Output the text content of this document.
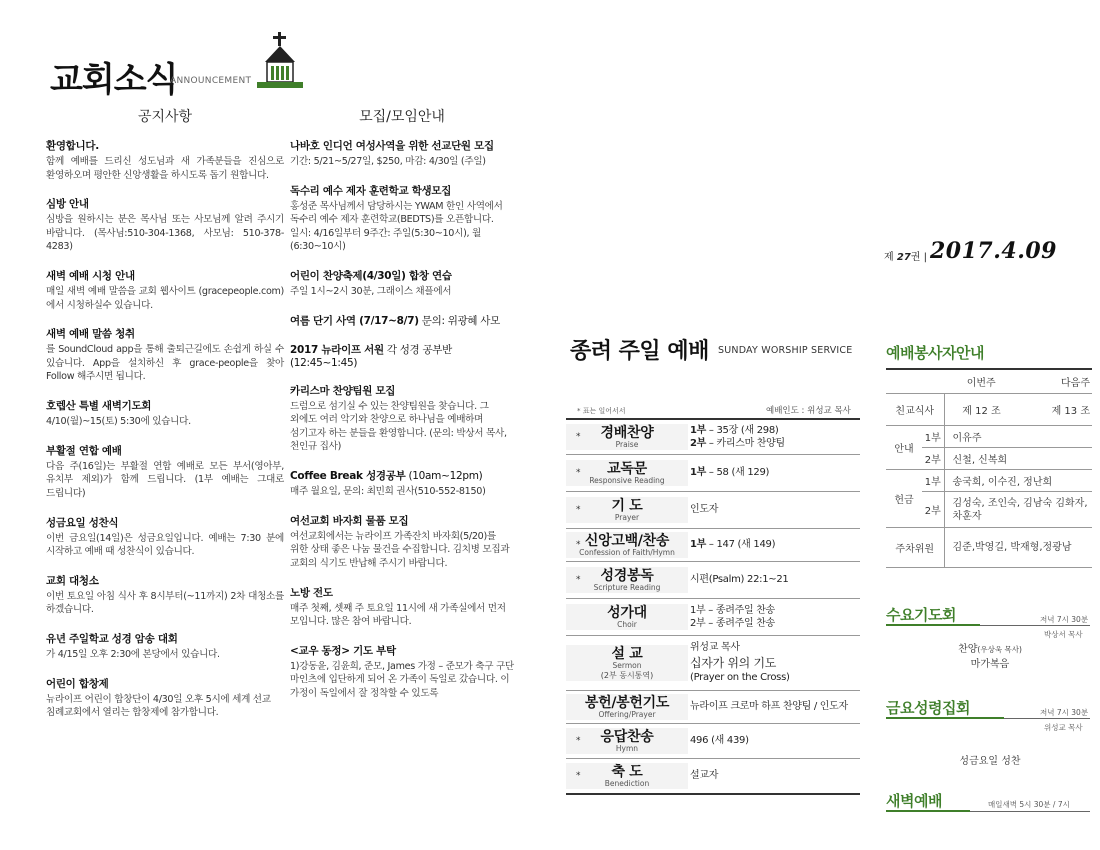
교회소식
ANNOUNCEMENT
공지사항	모집/모임안내
환영합니다.
함께 예배를 드리신 성도님과 새 가족분들을 진심으로 환영하오며 평안한 신앙생활을 하시도록 돕기 원합니다.
심방 안내
심방을 원하시는 분은 목사님 또는 사모님께 알려 주시기 바랍니다. (목사님:510-304-1368, 사모님: 510-378-4283)
새벽 예배 시청 안내
매일 새벽 예배 말씀을 교회 웹사이트 (gracepeople.com) 에서 시청하실수 있습니다.
새벽 예배 말씀 청취
를 SoundCloud app을 통해 출퇴근길에도 손쉽게 하실 수 있습니다. App을 설치하신 후 grace-people을 찾아 Follow 해주시면 됩니다.
호렙산 특별 새벽기도회
4/10(월)~15(토) 5:30에 있습니다.
부활절 연합 예배
다음 주(16일)는 부활절 연합 예배로 모든 부서(영아부, 유치부 제외)가 함께 드립니다. (1부 예배는 그대로 드립니다)
성금요일 성찬식
이번 금요일(14일)은 성금요일입니다. 예배는 7:30 분에 시작하고 예배 때 성찬식이 있습니다.
교회 대청소
이번 토요일 아침 식사 후 8시부터(~11까지) 2차 대청소를 하겠습니다.
유년 주일학교 성경 암송 대회
가 4/15일 오후 2:30에 본당에서 있습니다.
어린이 합창제
뉴라이프 어린이 합창단이 4/30일 오후 5시에 세계 선교 침례교회에서 열리는 합창제에 참가합니다.
나바호 인디언 여성사역을 위한 선교단원 모집
기간: 5/21~5/27일, $250, 마감: 4/30일 (주일)
독수리 예수 제자 훈련학교 학생모집
홍성준 목사님께서 담당하시는 YWAM 한인 사역에서 독수리 예수 제자 훈련학교(BEDTS)를 오픈합니다. 일시: 4/16일부터 9주간: 주일(5:30~10시), 월(6:30~10시)
어린이 찬양축제(4/30일) 합창 연습
주일 1시~2시 30분, 그래이스 채플에서
여름 단기 사역 (7/17~8/7) 문의: 위광혜 사모
2017 뉴라이프 서원 각 성경 공부반(12:45~1:45)
카리스마 찬양팀원 모집
드럼으로 섬기실 수 있는 찬양팀원을 찾습니다. 그 외에도 여러 악기와 찬양으로 하나님을 예배하며 섬기고자 하는 분들을 환영합니다. (문의: 박상서 목사, 천인규 집사)
Coffee Break 성경공부 (10am~12pm)
매주 월요일, 문의: 최민희 권사(510-552-8150)
여선교회 바자회 물품 모집
여선교회에서는 뉴라이프 가족잔치 바자회(5/20)를 위한 상태 좋은 나눔 물건을 수집합니다. 김치병 모집과 교회의 식기도 반납해 주시기 바랍니다.
노방 전도
매주 첫째, 셋째 주 토요일 11시에 새 가족실에서 먼저 모입니다. 많은 참여 바랍니다.
<교우 동정> 기도 부탁
1)강동윤, 김윤희, 준모, James 가정 – 준모가 축구 구단 마인츠에 입단하게 되어 온 가족이 독일로 갔습니다. 이 가정이 독일에서 잘 정착할 수 있도록
제 27권 | 2017.4.09
종려 주일 예배 SUNDAY WORSHIP SERVICE
* 표는 일어서서	예배인도 : 위성교 목사
*	경배찬양
Praise
1부 – 35장 (새 298)
2부 – 카리스마 찬양팀
*	교독문
Responsive Reading
1부 – 58 (새 129)
*	기 도
Prayer
인도자
* 신앙고백/찬송
Confession of Faith/Hymn
1부 – 147 (새 149)
*	성경봉독
Scripture Reading
시편(Psalm) 22:1~21
성가대
Choir
1부 – 종려주일 찬송
2부 – 종려주일 찬송
설 교
Sermon
(2부 동시통역)
위성교 목사
십자가 위의 기도
(Prayer on the Cross)
봉헌/봉헌기도
Offering/Prayer
뉴라이프 크로마 하프 찬양팀 / 인도자
*	응답찬송
Hymn
496 (새 439)
*	축 도
Benediction
설교자
예배봉사자안내
		이번주	다음주
친교식사		제 12 조	제 13 조
안내	1부	이유주	
	2부	신철, 신복희	
헌금	1부	송국희, 이수진, 정난희	
	2부	김성숙, 조인숙, 김남숙 김화자, 차훈자	
주차위원		김준,박영길, 박재형,정광남	
수요기도회	저녁 7시 30분
박상서 목사
찬양(우상욱 목사)
마가복음
금요성령집회	저녁 7시 30분
위성교 목사
성금요일 성찬
새벽예배	매일새벽 5시 30분 / 7시
